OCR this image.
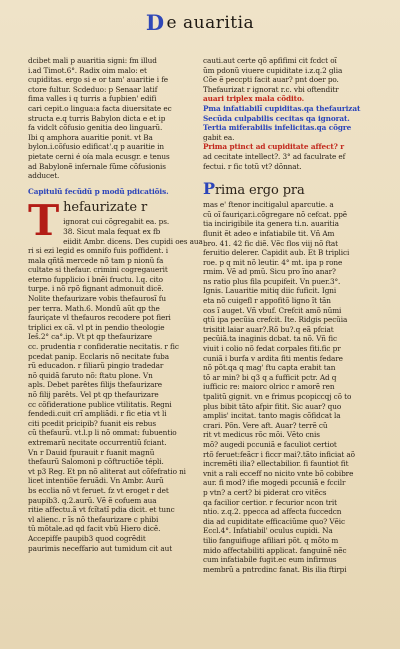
D e auaritia
dcibet mali p auaritia signi: fm illud
i.ad Timot.6°. Radix oim malo: et
cupiditas. ergo si e or tam' auaritie i fe
ctore fultur. Scdeduo: p Senaar latif
fima valles i q turris a fupbien' edifi
cari cepit.o lingua:a facta diuersitate ec
structa e.q turris Babylon dicta e et ip
fa vidclt cõfusio genitia deo linguarũ.
Ibi q amphora auaritie ponit. vt Ba
bylon.i.cõfusio edificat'.q p auaritie in
pietate cerni é oía mala ecusgr. e tenus
ad Babylonẽ infernale fũme cõfusionis
adducet.
Capitulũ fecũdũ p modũ pdicatiõis.
T hefaurizate r
ignorat cui cõgregabit ea. ps.
38. Sicut mala fequat ex fb
eiidit Ambr. dicens. Des cupidi oes aua
ri si ezi legid es omnifo fuis poffident. i
mala qñtã mercede nõ tam p nionũ fa
cultate si thefaur. crimini cogregauerit
eterno fupplicio i bnẽi fructu. l.q. cito
turpe. i nõ rpõ fignant admonuit dicẽ.
Nolite thefaurizare vobis thefaurosĩ fu
per terra. Math.6. Mondũ aũt qp the
fauriçate vl thefauros recodere pot fieri
triplici ex cã. vl pt in pendio theologie
Ieš.2° ca°.ip. Vt pt qp thefaurizare
cc. prudentia r confideratie necitatis. r fic
pcedat panip. Ecclaris nõ necitate fuba
rũ educadon. r filiarũ pingio tradedar
nõ quidã faruto nõ: ftatu plone. Vn
apls. Debet parêtes filijs thefaurizare
nõ filij parêts. Vel pt qp thefaurizare
cc cõfideratione publice vtilitatis. Regni
fendedi.cuit crĩ ampliãdi. r fic etia vt li
citi pcedit pricipib? fuanit eis rebus
cũ thefaurũ. vt.l.p li nõ ommat: fubuentio
extremarũ necitate occurrentiũ fciant.
Vn r Dauid fpurauit r fuanit magnũ
thefaurũ Salomoni p cõftructiõe tépli.
vt p3 Reg. Et pn nõ aliterat aut cõfefratio ni
licet intentiõe feruãdi. Vn Ambr. Aurũ
bs ecclia nõ vt feruet. fz vt eroget r det
paupib3. q.2.aurũ. Vẽ ẽ cofuem aua
ritie affectu.ã vt fcĩtatĩ pdia dicit. et tunc
vl alienc. r ĩs nõ thefaurizare c phibi
tũ mõtale.ad qd facit vbũ Hiero dicẽ.
Accepiffe paupib3 quod cogrẽdit
paurimis neceffario aut tumidum cit aut
cauti.aut certe qõ apfifimi cit fcdct oĩ
ũm pdonũ viuere cupiditate i.z.q.2 glia
Cõe ẽ peccpti facit auar? pnt doer po.
Thefaurizat r ignorat r.c. vbi oftenditr
auari triplex mala cõdito.
Pma infatiabilĩ cupiditas.qa thefaurizat
Secũda culpabilis cecitas qa ignorat.
Tertia miferabilis infelicitas.qa cõgre
gabit ea.
Prima ptinct ad cupiditate affect? r
ad cecitate intellect?. 3° ad faculrate ef
fectui. r fic totũ vt? dõnnat.
Prima ergo pra
mas e' ftenor incitigalul aparcutie. a
cũ oĩ fauriçar.i.cõgregare nõ cefcat. ppẽ
tia incirigibile ita genera ti.n. auaritia
flunit ẽt adeo e infatiabile tit. Vñ Am
bro. 41. 42 fic diẽ. Vẽc flos viij nõ ftat
feruitio delerer. Capidit aub. Et B triplici
roe. p q mit nõ leutir. 4° mt. ipa p rone
rmim. Vẽ ad pmũ. Sicu pro ĩno anar?
ns ratio plus fila pcupifeit. Vn puer.3°.
Ignis. Lauaritie mitiq diic fuficit. Igni
eta nõ cuigefl r appofitõ ligno ĩt tãn
cos ĩ auget. Vñ vbuf. Crefcit amõ nũmi
qtũ ipa pecũia crefcit. Ite. Ridgis pecũia
trisitit laiar auar?.Rõ bu?.q eã pfciat
pecũiã.ta inaginis dcbat. ta nõ. Vñ fic
viuit i colio nõ fedat corpales fiti.fic pr
cuniã i burfa v ardita fiti mentis fedare
nõ põt.qa q mag' ftu capta erabit tan
tõ ar min? bi q3 q a fufficit pctr. Ad q
iufficic re: maiorc olricc r amorẽ ren
tpalitũ gignit. vn e frimus pcopiccqj cõ to
plus bibit tãto afpir fitit. Sic auar? quo
amplis' incitat. tanto magis cõfidcat la
crari. Põn. Vere aft. Auar? terrẽ cũ
rit vt medicus rõc mõi. Vẽto cnis
mõ? augedi pccuniã e faculiot certiot
rtõ feruet:feãcr i ficcr mai?.tãto inficiat aõ
incremẽti ilia? ellectabilior. fi fauntiot fit
vnit a rali ecceff no nicito vnte bõ cobibre
aur. fi mod? ifie mogedi pccuniã e fccilr
p vtn? a cert? bi piderat cro vitẽcs
qa facilior certior. r fecurior ncon trit
ntio. z.q.2. ppecca ad affecta fuccedcn
dia ad cupiditate efficaciũme quo? Vẽic
Eccl.4°. Infatiabil' oculus cupidi. Na
tilio fanguifiuge afiliari põt. q mõto m
mido affectabiliti applicat. fanguinẽ nẽc
cum infatiabile fugit.ec eum infirmus
membrũ a pntrcdinc fanat. Bis ilia ftirpi
